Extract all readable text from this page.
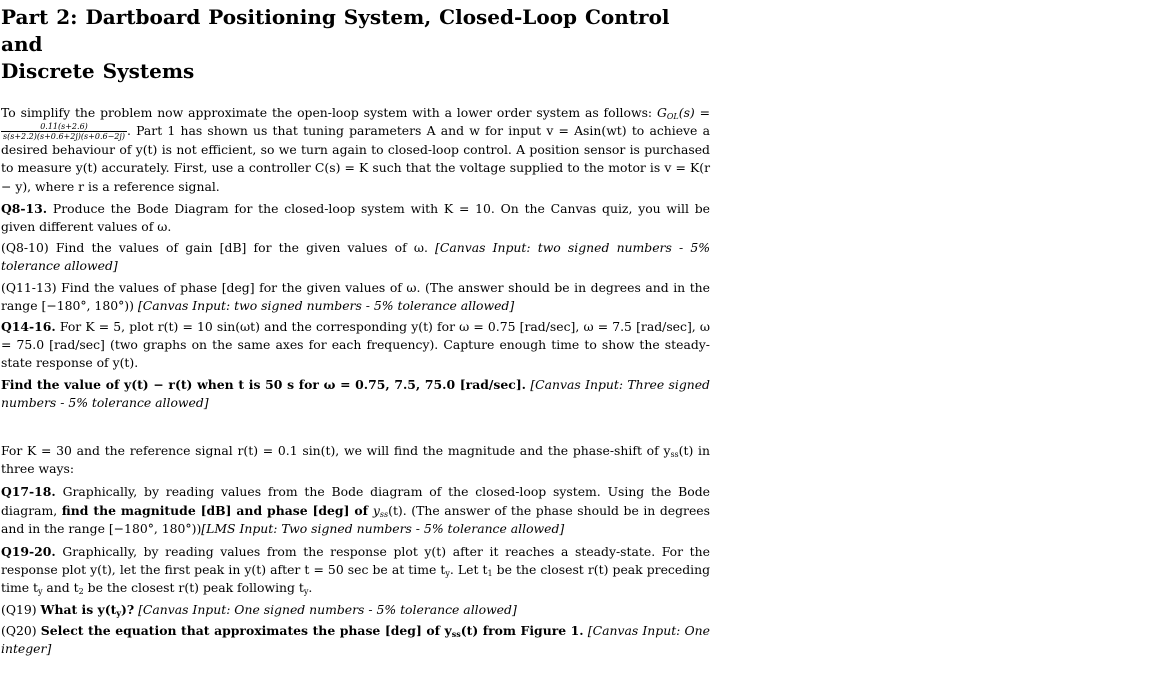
Part 2: Dartboard Positioning System, Closed-Loop Control and
Discrete Systems

To simplify the problem now approximate the open-loop system with a lower order system as follows: $G_{OL}(s)$ =
$\frac{0.11(s+2.6)}{s(s+2.2)(s+0.6+2j)(s+0.6-2j)}$ . Part 1 has shown us that tuning parameters A and w for input v = Asin(wt) to achieve a desired behaviour of y(t) is not efficient, so we turn again to closed-loop control. A position sensor is purchased to measure y(t) accurately. First, use a controller C(s) = K such that the voltage supplied to the motor is v = K(r − y), where r is a reference signal.

Q8-13. Produce the Bode Diagram for the closed-loop system with K = 10. On the Canvas quiz, you will be given different values of ω.

(Q8-10) Find the values of gain [dB] for the given values of ω. [Canvas Input: two signed numbers - 5% tolerance allowed]

(Q11-13) Find the values of phase [deg] for the given values of ω. (The answer should be in degrees and in the range [−180°, 180°)) [Canvas Input: two signed numbers - 5% tolerance allowed]

Q14-16. For K = 5, plot r(t) = 10 sin(ωt) and the corresponding y(t) for ω = 0.75 [rad/sec], ω = 7.5 [rad/sec], ω = 75.0 [rad/sec] (two graphs on the same axes for each frequency). Capture enough time to show the steady-state response of y(t).

Find the value of y(t) − r(t) when t is 50 s for ω = 0.75, 7.5, 75.0 [rad/sec]. [Canvas Input: Three signed numbers - 5% tolerance allowed]

For K = 30 and the reference signal r(t) = 0.1 sin(t), we will find the magnitude and the phase-shift of $y_{ss}(t)$ in three ways:

Q17-18. Graphically, by reading values from the Bode diagram of the closed-loop system. Using the Bode diagram, find the magnitude [dB] and phase [deg] of $y_{ss}(t)$. (The answer of the phase should be in degrees and in the range [−180°, 180°))[LMS Input: Two signed numbers - 5% tolerance allowed]

Q19-20. Graphically, by reading values from the response plot y(t) after it reaches a steady-state. For the response plot y(t), let the first peak in y(t) after t = 50 sec be at time $t_y$. Let $t_1$ be the closest r(t) peak preceding time $t_y$ and $t_2$ be the closest r(t) peak following $t_y$.

(Q19) What is $y(t_y)$? [Canvas Input: One signed numbers - 5% tolerance allowed]

(Q20) Select the equation that approximates the phase [deg] of $y_{ss}(t)$ from Figure 1. [Canvas Input: One integer]
